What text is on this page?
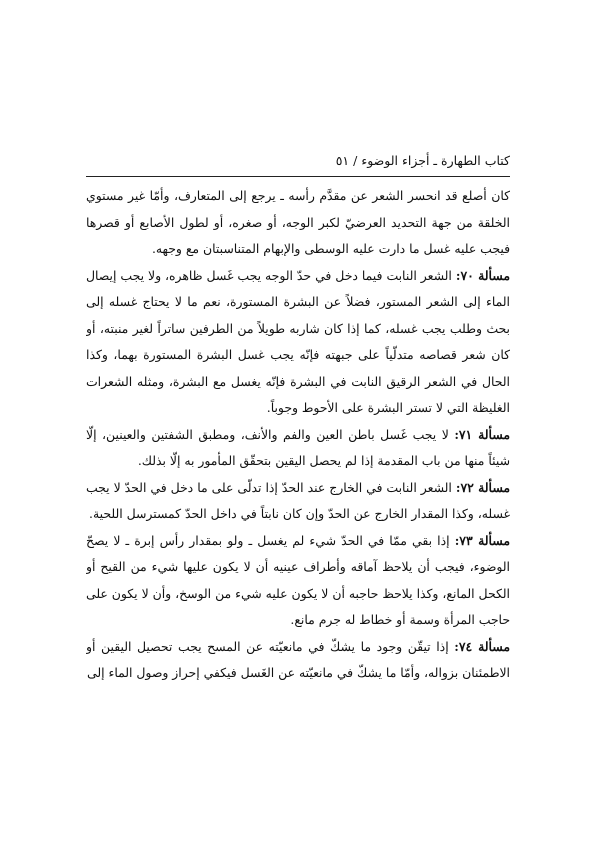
كتاب الطهارة ـ أجزاء الوضوء / ٥١

كان أصلع قد انحسر الشعر عن مقدَّم رأسه ـ يرجع إلى المتعارف، وأمّا غير مستوي الخلقة من جهة التحديد العرضيّ لكبر الوجه، أو صغره، أو لطول الأصابع أو قصرها فيجب عليه غسل ما دارت عليه الوسطى والإبهام المتناسبتان مع وجهه.

مسألة ٧٠: الشعر النابت فيما دخل في حدّ الوجه يجب غَسل ظاهره، ولا يجب إيصال الماء إلى الشعر المستور، فضلاً عن البشرة المستورة، نعم ما لا يحتاج غسله إلى بحث وطلب يجب غسله، كما إذا كان شاربه طويلاً من الطرفين ساتراً لغير منبته، أو كان شعر قصاصه متدلّياً على جبهته فإنّه يجب غسل البشرة المستورة بهما، وكذا الحال في الشعر الرقيق النابت في البشرة فإنّه يغسل مع البشرة، ومثله الشعرات الغليظة التي لا تستر البشرة على الأحوط وجوباً.

مسألة ٧١: لا يجب غَسل باطن العين والفم والأنف، ومطبق الشفتين والعينين، إلّا شيئاً منها من باب المقدمة إذا لم يحصل اليقين بتحقّق المأمور به إلّا بذلك.

مسألة ٧٢: الشعر النابت في الخارج عند الحدّ إذا تدلّى على ما دخل في الحدّ لا يجب غسله، وكذا المقدار الخارج عن الحدّ وإن كان نابتاً في داخل الحدّ كمسترسل اللحية.

مسألة ٧٣: إذا بقي ممّا في الحدّ شيء لم يغسل ـ ولو بمقدار رأس إبرة ـ لا يصحّ الوضوء، فيجب أن يلاحظ آماقه وأطراف عينيه أن لا يكون عليها شيء من القيح أو الكحل المانع، وكذا يلاحظ حاجبه أن لا يكون عليه شيء من الوسخ، وأن لا يكون على حاجب المرأة وسمة أو خطاط له جرم مانع.

مسألة ٧٤: إذا تيقّن وجود ما يشكّ في مانعيّته عن المسح يجب تحصيل اليقين أو الاطمئنان بزواله، وأمّا ما يشكّ في مانعيّته عن الغَسل فيكفي إحراز وصول الماء إلى
